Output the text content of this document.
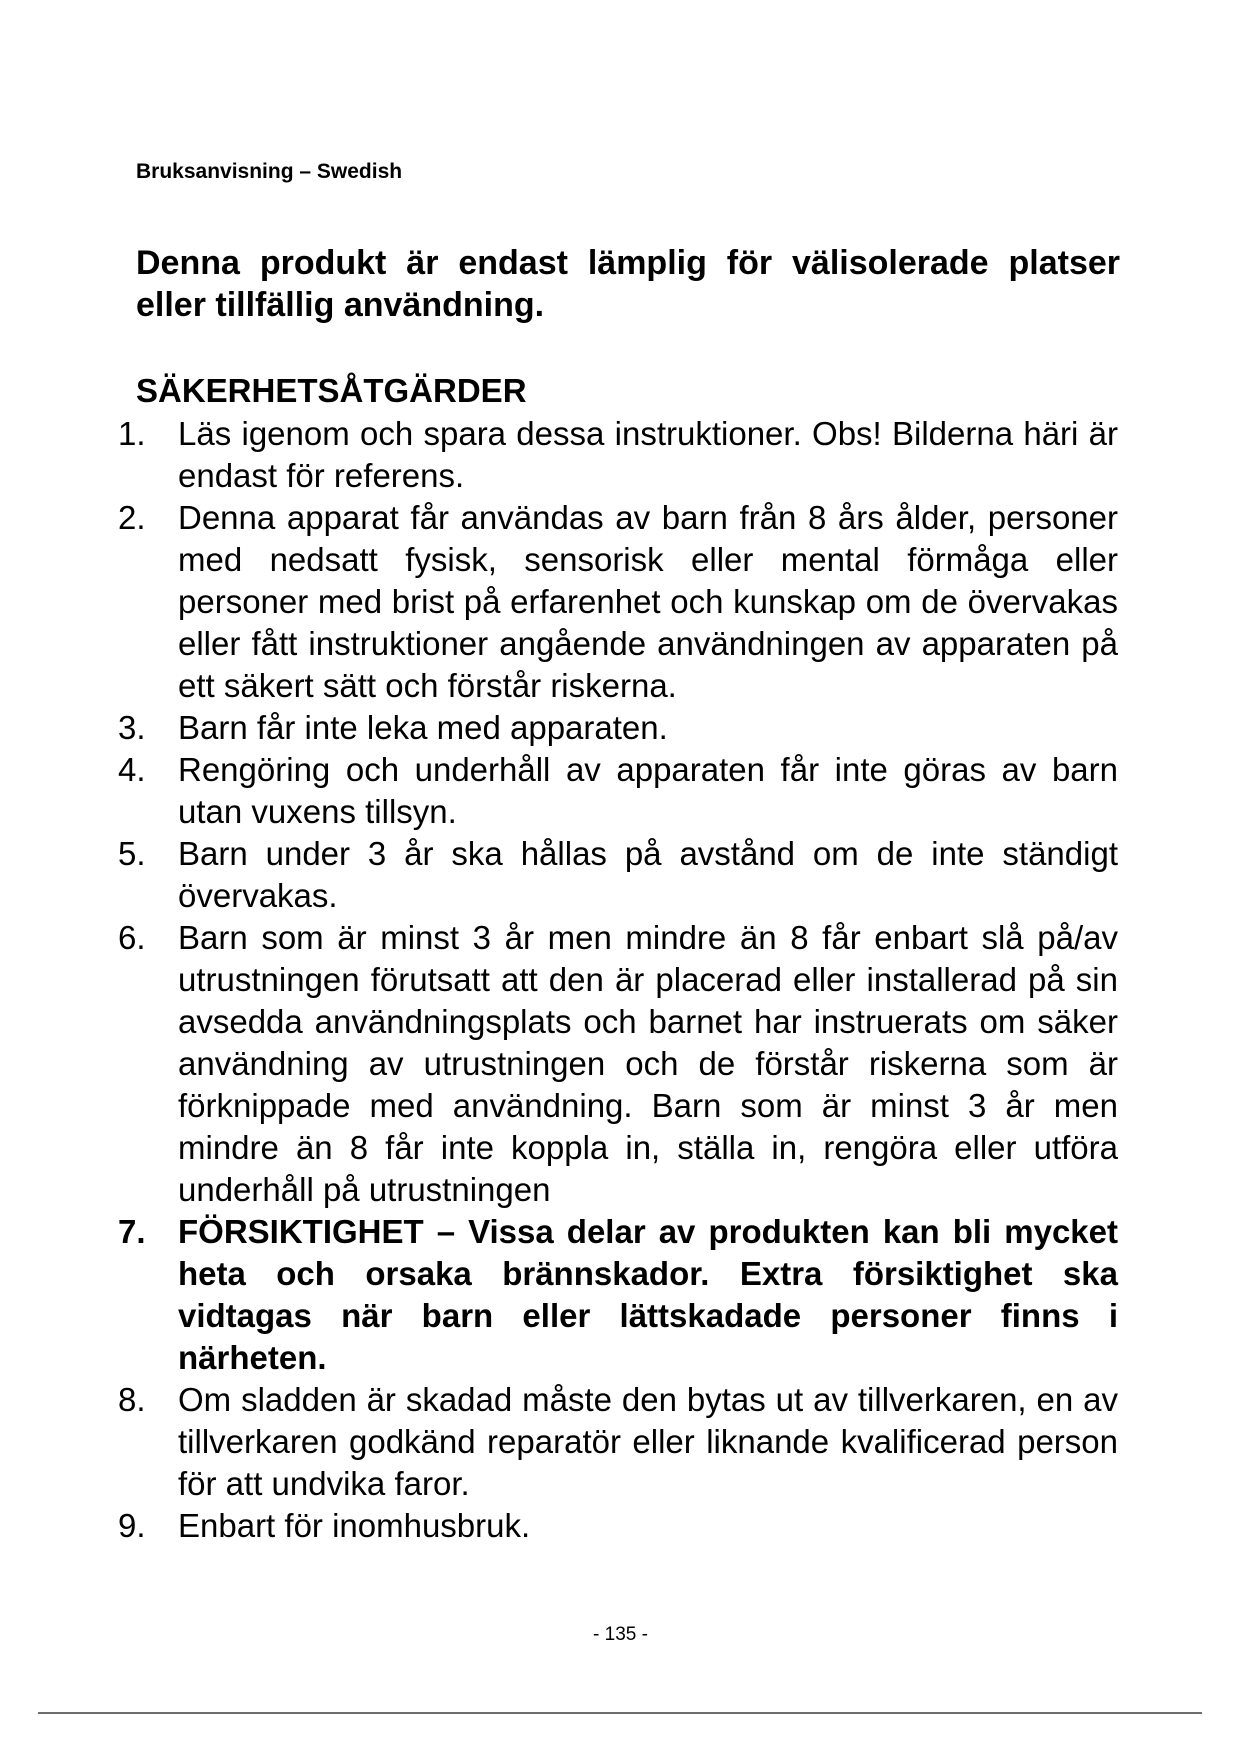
Bruksanvisning – Swedish

Denna produkt är endast lämplig för välisolerade platser eller tillfällig användning.

SÄKERHETSÅTGÄRDER
1. Läs igenom och spara dessa instruktioner. Obs! Bilderna häri är endast för referens.
2. Denna apparat får användas av barn från 8 års ålder, personer med nedsatt fysisk, sensorisk eller mental förmåga eller personer med brist på erfarenhet och kunskap om de övervakas eller fått instruktioner angående användningen av apparaten på ett säkert sätt och förstår riskerna.
3. Barn får inte leka med apparaten.
4. Rengöring och underhåll av apparaten får inte göras av barn utan vuxens tillsyn.
5. Barn under 3 år ska hållas på avstånd om de inte ständigt övervakas.
6. Barn som är minst 3 år men mindre än 8 får enbart slå på/av utrustningen förutsatt att den är placerad eller installerad på sin avsedda användningsplats och barnet har instruerats om säker användning av utrustningen och de förstår riskerna som är förknippade med användning. Barn som är minst 3 år men mindre än 8 får inte koppla in, ställa in, rengöra eller utföra underhåll på utrustningen
7. FÖRSIKTIGHET – Vissa delar av produkten kan bli mycket heta och orsaka brännskador. Extra försiktighet ska vidtagas när barn eller lättskadade personer finns i närheten.
8. Om sladden är skadad måste den bytas ut av tillverkaren, en av tillverkaren godkänd reparatör eller liknande kvalificerad person för att undvika faror.
9. Enbart för inomhusbruk.
- 135 -
